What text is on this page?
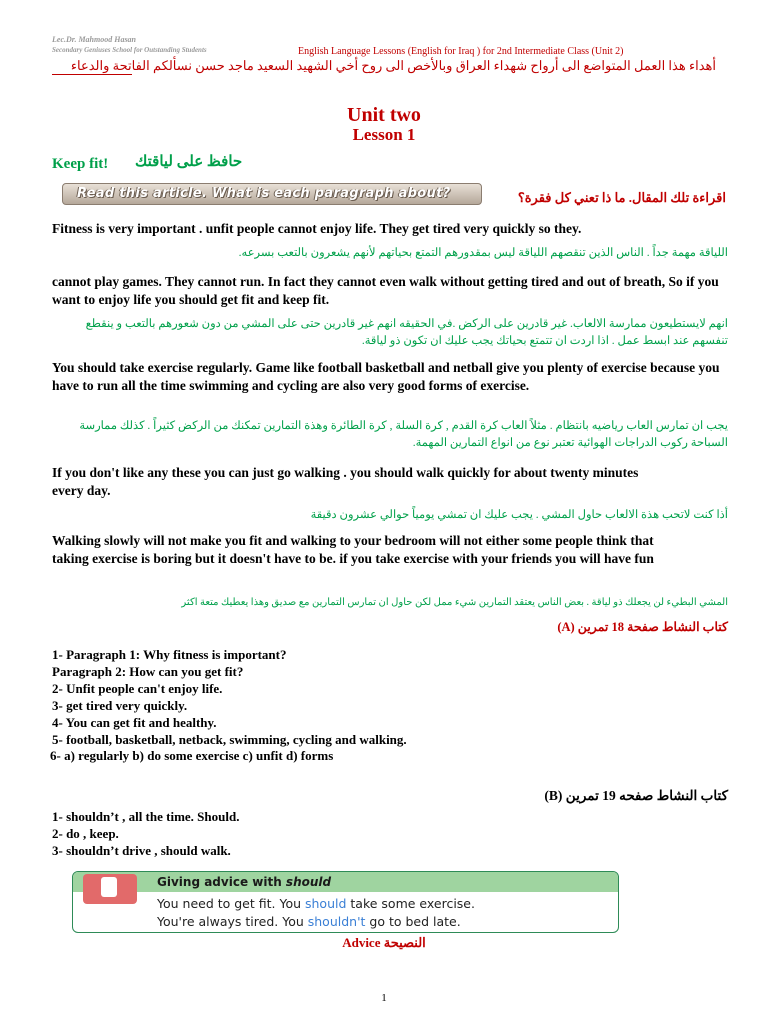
Lec.Dr. Mahmood Hasan
Secondary Geniuses School for Outstanding Students	English Language Lessons (English for Iraq ) for 2nd Intermediate Class (Unit 2)
أهداء هذا العمل المتواضع الى أرواح شهداء العراق وبالأخص الى روح أخي الشهيد السعيد ماجد حسن نسألكم الفاتحة والدعاء
Unit two
Lesson 1
Keep fit! حافظ على لياقتك
Read this article. What is each paragraph about?	اقراءة تلك المقال. ما ذا تعني كل فقرة؟
Fitness is very important . unfit people cannot enjoy life. They get tired very quickly so they.
اللياقة مهمة جداً . الناس الذين تنقصهم اللياقة ليس بمقدورهم التمتع بحياتهم لأنهم يشعرون بالتعب بسرعه.
cannot play games. They cannot run. In fact they cannot even walk without getting tired and out of breath, So if you want to enjoy life you should get fit and keep fit.
انهم لايستطيعون ممارسة الالعاب. غير قادرين على الركض .في الحقيقه انهم غير قادرين حتى على المشي من دون شعورهم بالتعب و ينقطع تنفسهم عند ابسط عمل . اذا اردت ان تتمتع بحياتك يجب عليك ان تكون ذو لياقة.
You should take exercise regularly. Game like football basketball and netball give you plenty of exercise because you have to run all the time swimming and cycling are also very good forms of exercise.
يجب ان تمارس العاب رياضيه بانتظام . مثلاً العاب كرة القدم , كرة السلة , كرة الطائرة وهذة التمارين تمكنك من الركض كثيراً . كذلك ممارسة السباحة ركوب الدراجات الهوائية تعتبر نوع من انواع التمارين المهمة.
If you don't like any these you can just go walking . you should walk quickly for about twenty minutes every day.
أذا كنت لاتحب هذة الالعاب حاول المشي . يجب عليك ان تمشي يومياً حوالي عشرون دقيقة
Walking slowly will not make you fit and walking to your bedroom will not either some people think that taking exercise is boring but it doesn't have to be. if you take exercise with your friends you will have fun
المشي البطيء لن يجعلك ذو لياقة . بعض الناس يعتقد التمارين شيء ممل لكن حاول ان تمارس التمارين مع صديق وهذا يعطيك متعة اكثر
كتاب النشاط صفحة 18 تمرين (A)
1- Paragraph 1: Why fitness is important?
Paragraph 2: How can you get fit?
2- Unfit people can't enjoy life.
3- get tired very quickly.
4- You can get fit and healthy.
5- football, basketball, netback, swimming, cycling and walking.
6- a) regularly b) do some exercise c) unfit d) forms
كتاب النشاط صفحه 19 تمرين (B)
1- shouldn’t , all the time. Should.
2- do , keep.
3- shouldn’t drive , should walk.
Giving advice with should
You need to get fit. You should take some exercise.
You're always tired. You shouldn't go to bed late.
Advice النصيحة
1
